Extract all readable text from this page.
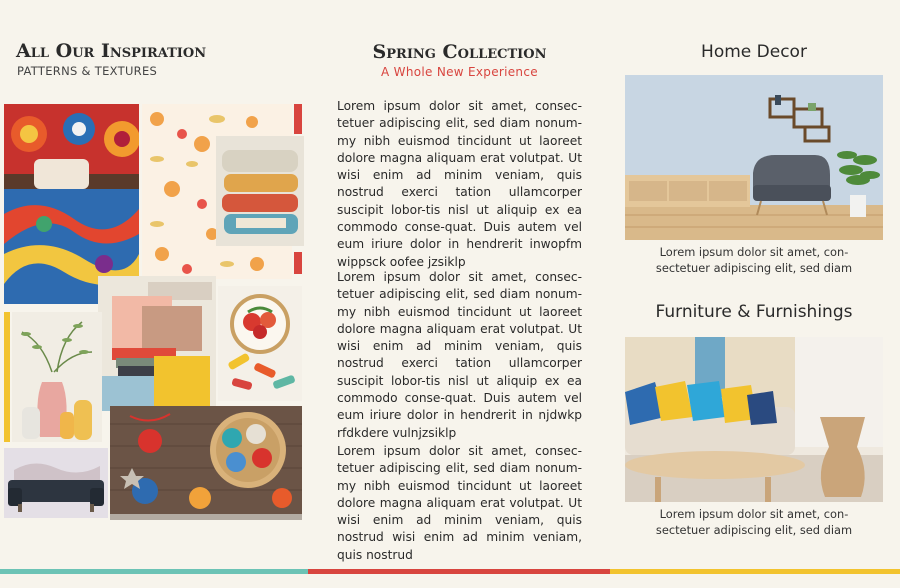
All Our Inspiration
PATTERNS & TEXTURES
Spring Collection
A Whole New Experience

Lorem ipsum dolor sit amet, consec-tetuer adipiscing elit, sed diam nonum-my nibh euismod tincidunt ut laoreet dolore magna aliquam erat volutpat. Ut wisi enim ad minim veniam, quis nostrud exerci tation ullamcorper suscipit lobor-tis nisl ut aliquip ex ea commodo conse-quat. Duis autem vel eum iriure dolor in hendrerit inwopfm wippsck oofee jzsiklp

Lorem ipsum dolor sit amet, consec-tetuer adipiscing elit, sed diam nonum-my nibh euismod tincidunt ut laoreet dolore magna aliquam erat volutpat. Ut wisi enim ad minim veniam, quis nostrud exerci tation ullamcorper suscipit lobor-tis nisl ut aliquip ex ea commodo conse-quat. Duis autem vel eum iriure dolor in hendrerit in njdwkp rfdkdere vulnjzsiklp

Lorem ipsum dolor sit amet, consec-tetuer adipiscing elit, sed diam nonum-my nibh euismod tincidunt ut laoreet dolore magna aliquam erat volutpat. Ut wisi enim ad minim veniam, quis nostrud wisi enim ad minim veniam, quis nostrud

Home Decor
Lorem ipsum dolor sit amet, con-sectetuer adipiscing elit, sed diam
Furniture & Furnishings
Lorem ipsum dolor sit amet, con-sectetuer adipiscing elit, sed diam
